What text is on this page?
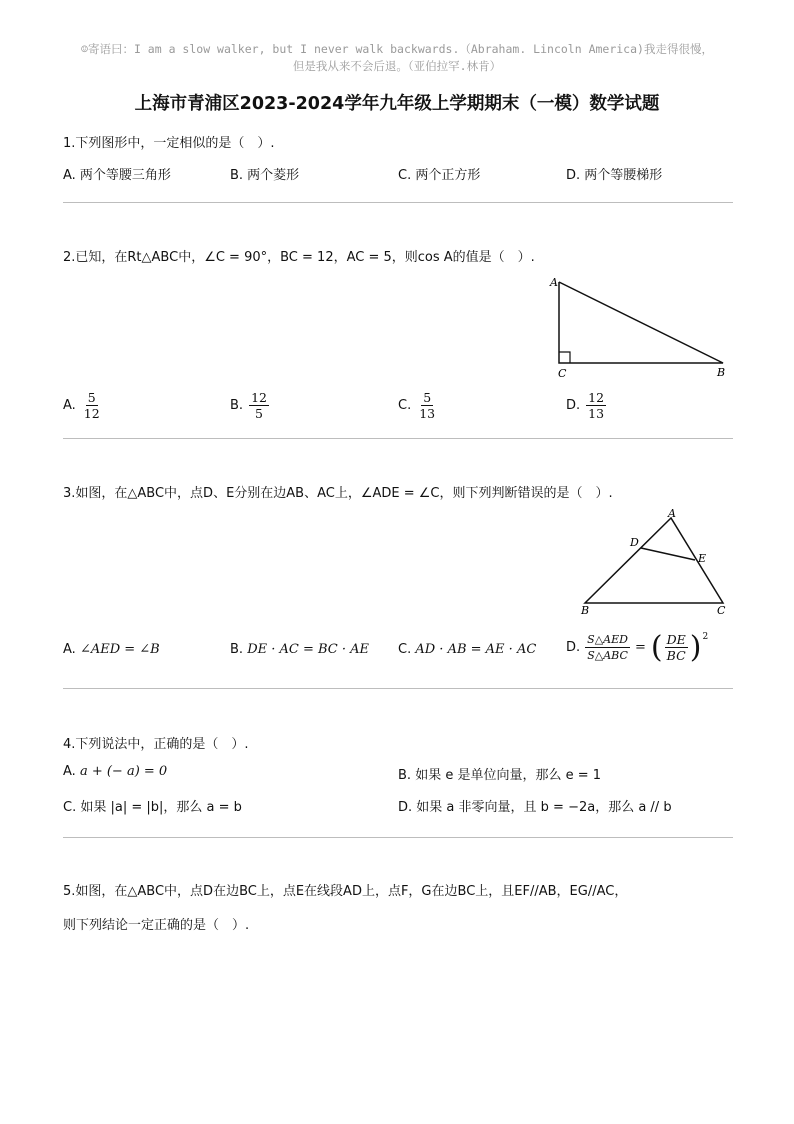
☺寄语曰：I am a slow walker, but I never walk backwards.（Abraham. Lincoln America)我走得很慢，
但是我从来不会后退。（亚伯拉罕.林肯）
上海市青浦区2023-2024学年九年级上学期期末（一模）数学试题
1.下列图形中，一定相似的是（　）.
A. 两个等腰三角形	B. 两个菱形	C. 两个正方形	D. 两个等腰梯形
2.已知，在Rt△ABC中，∠C = 90°，BC = 12，AC = 5，则cos A的值是（　）.
A
C	B
A. $\frac{5}{12}$	B. $\frac{12}{5}$	C. $\frac{5}{13}$	D. $\frac{12}{13}$
3.如图，在△ABC中，点D、E分别在边AB、AC上，∠ADE = ∠C，则下列判断错误的是（　）.
A
D
E
B	C
A. ∠AED = ∠B	B. DE · AC = BC · AE C. AD · AB = AE · AC D. $\frac{\text{S△AED}}{\text{S△ABC}}$ = ( $\frac{DE}{BC}$ ) 2
4.下列说法中，正确的是（　）.
A. a + (− a) = 0	B. 如果 e 是单位向量，那么 e = 1
C. 如果 |a| = |b|，那么 a = b	D. 如果 a 非零向量，且 b = −2a，那么 a // b
5.如图，在△ABC中，点D在边BC上，点E在线段AD上，点F，G在边BC上，且EF//AB，EG//AC，
则下列结论一定正确的是（　）.
